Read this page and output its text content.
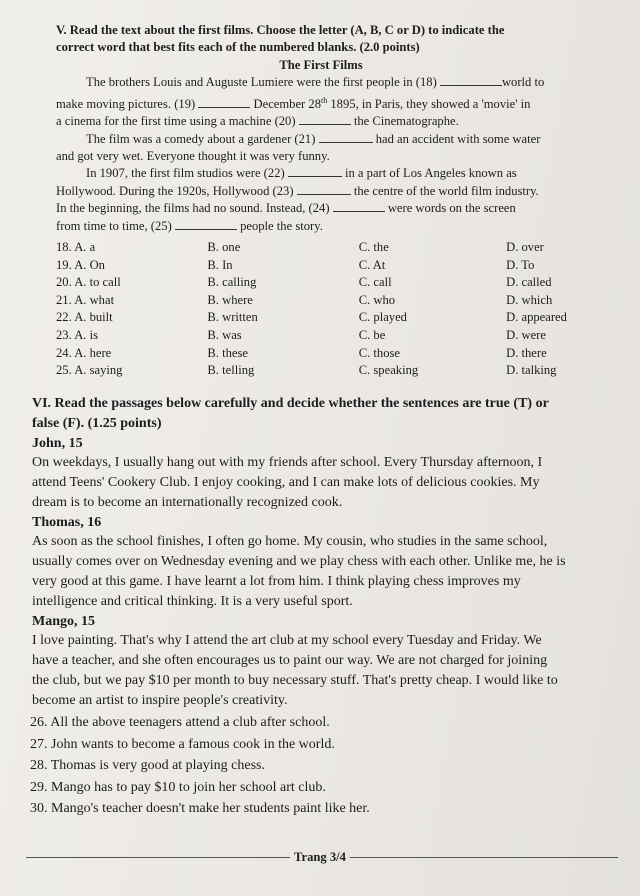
V. Read the text about the first films. Choose the letter (A, B, C or D) to indicate the
correct word that best fits each of the numbered blanks. (2.0 points)

The First Films

The brothers Louis and Auguste Lumiere were the first people in (18)	world to
make moving pictures. (19)	December 28th 1895, in Paris, they showed a 'movie' in
a cinema for the first time using a machine (20)	the Cinematographe.

The film was a comedy about a gardener (21)	had an accident with some water
and got very wet. Everyone thought it was very funny.

In 1907, the first film studios were (22)	in a part of Los Angeles known as
Hollywood. During the 1920s, Hollywood (23)	the centre of the world film industry.
In the beginning, the films had no sound. Instead, (24)	were words on the screen
from time to time, (25)	people the story.

18. A. a	B. one	C. the	D. over
19. A. On	B. In	C. At	D. To
20. A. to call	B. calling	C. call	D. called
21. A. what	B. where	C. who	D. which
22. A. built	B. written	C. played	D. appeared
23. A. is	B. was	C. be	D. were
24. A. here	B. these	C. those	D. there
25. A. saying	B. telling	C. speaking	D. talking

VI. Read the passages below carefully and decide whether the sentences are true (T) or
false (F). (1.25 points)

John, 15

On weekdays, I usually hang out with my friends after school. Every Thursday afternoon, I
attend Teens' Cookery Club. I enjoy cooking, and I can make lots of delicious cookies. My
dream is to become an internationally recognized cook.

Thomas, 16

As soon as the school finishes, I often go home. My cousin, who studies in the same school,
usually comes over on Wednesday evening and we play chess with each other. Unlike me, he is
very good at this game. I have learnt a lot from him. I think playing chess improves my
intelligence and critical thinking. It is a very useful sport.

Mango, 15

I love painting. That's why I attend the art club at my school every Tuesday and Friday. We
have a teacher, and she often encourages us to paint our way. We are not charged for joining
the club, but we pay $10 per month to buy necessary stuff. That's pretty cheap. I would like to
become an artist to inspire people's creativity.

26. All the above teenagers attend a club after school.

27. John wants to become a famous cook in the world.

28. Thomas is very good at playing chess.

29. Mango has to pay $10 to join her school art club.

30. Mango's teacher doesn't make her students paint like her.

Trang 3/4
